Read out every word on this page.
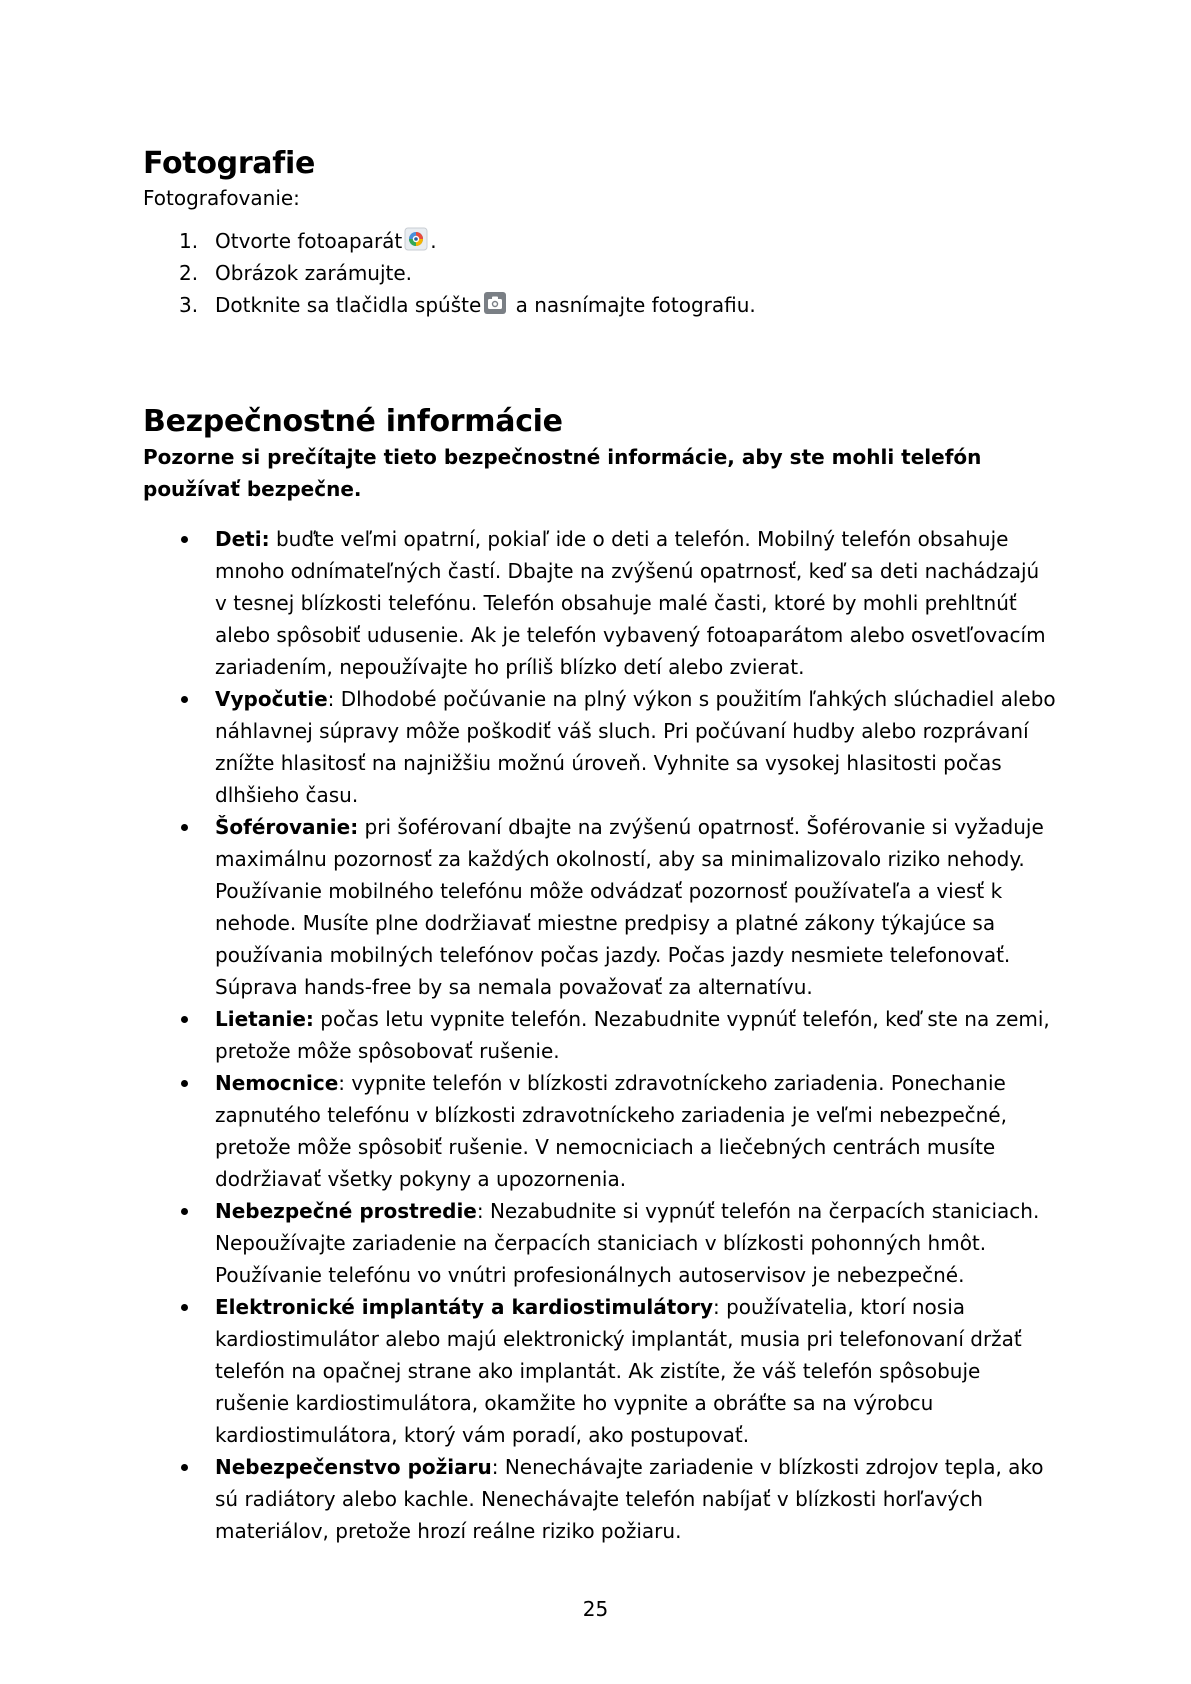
Fotografie

Fotografovanie:

1. Otvorte fotoaparát .
2. Obrázok zarámujte.
3. Dotknite sa tlačidla spúšte a nasnímajte fotografiu.
Bezpečnostné informácie

Pozorne si prečítajte tieto bezpečnostné informácie, aby ste mohli telefón používať bezpečne.

Deti: buďte veľmi opatrní, pokiaľ ide o deti a telefón. Mobilný telefón obsahuje mnoho odnímateľných častí. Dbajte na zvýšenú opatrnosť, keď sa deti nachádzajú v tesnej blízkosti telefónu. Telefón obsahuje malé časti, ktoré by mohli prehltnúť alebo spôsobiť udusenie. Ak je telefón vybavený fotoaparátom alebo osvetľovacím zariadením, nepoužívajte ho príliš blízko detí alebo zvierat.
Vypočutie: Dlhodobé počúvanie na plný výkon s použitím ľahkých slúchadiel alebo náhlavnej súpravy môže poškodiť váš sluch. Pri počúvaní hudby alebo rozprávaní znížte hlasitosť na najnižšiu možnú úroveň. Vyhnite sa vysokej hlasitosti počas dlhšieho času.
Šoférovanie: pri šoférovaní dbajte na zvýšenú opatrnosť. Šoférovanie si vyžaduje maximálnu pozornosť za každých okolností, aby sa minimalizovalo riziko nehody. Používanie mobilného telefónu môže odvádzať pozornosť používateľa a viesť k nehode. Musíte plne dodržiavať miestne predpisy a platné zákony týkajúce sa používania mobilných telefónov počas jazdy. Počas jazdy nesmiete telefonovať. Súprava hands-free by sa nemala považovať za alternatívu.
Lietanie: počas letu vypnite telefón. Nezabudnite vypnúť telefón, keď ste na zemi, pretože môže spôsobovať rušenie.
Nemocnice: vypnite telefón v blízkosti zdravotníckeho zariadenia. Ponechanie zapnutého telefónu v blízkosti zdravotníckeho zariadenia je veľmi nebezpečné, pretože môže spôsobiť rušenie. V nemocniciach a liečebných centrách musíte dodržiavať všetky pokyny a upozornenia.
Nebezpečné prostredie: Nezabudnite si vypnúť telefón na čerpacích staniciach. Nepoužívajte zariadenie na čerpacích staniciach v blízkosti pohonných hmôt. Používanie telefónu vo vnútri profesionálnych autoservisov je nebezpečné.
Elektronické implantáty a kardiostimulátory: používatelia, ktorí nosia kardiostimulátor alebo majú elektronický implantát, musia pri telefonovaní držať telefón na opačnej strane ako implantát. Ak zistíte, že váš telefón spôsobuje rušenie kardiostimulátora, okamžite ho vypnite a obráťte sa na výrobcu kardiostimulátora, ktorý vám poradí, ako postupovať.
Nebezpečenstvo požiaru: Nenechávajte zariadenie v blízkosti zdrojov tepla, ako sú radiátory alebo kachle. Nenechávajte telefón nabíjať v blízkosti horľavých materiálov, pretože hrozí reálne riziko požiaru.
25
